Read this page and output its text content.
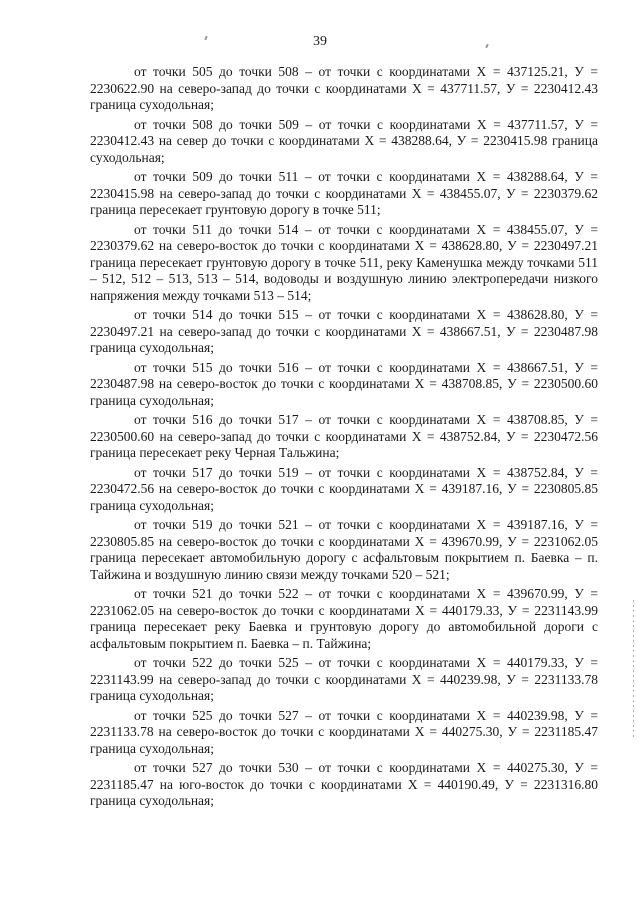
39

от точки 505 до точки 508 – от точки с координатами Х = 437125.21, У = 2230622.90 на северо-запад до точки с координатами Х = 437711.57, У = 2230412.43 граница суходольная;

от точки 508 до точки 509 – от точки с координатами Х = 437711.57, У = 2230412.43 на север до точки с координатами Х = 438288.64, У = 2230415.98 граница суходольная;

от точки 509 до точки 511 – от точки с координатами Х = 438288.64, У = 2230415.98 на северо-запад до точки с координатами Х = 438455.07, У = 2230379.62 граница пересекает грунтовую дорогу в точке 511;

от точки 511 до точки 514 – от точки с координатами Х = 438455.07, У = 2230379.62 на северо-восток до точки с координатами Х = 438628.80, У = 2230497.21 граница пересекает грунтовую дорогу в точке 511, реку Каменушка между точками 511 – 512, 512 – 513, 513 – 514, водоводы и воздушную линию электропередачи низкого напряжения между точками 513 – 514;

от точки 514 до точки 515 – от точки с координатами Х = 438628.80, У = 2230497.21 на северо-запад до точки с координатами Х = 438667.51, У = 2230487.98 граница суходольная;

от точки 515 до точки 516 – от точки с координатами Х = 438667.51, У = 2230487.98 на северо-восток до точки с координатами Х = 438708.85, У = 2230500.60 граница суходольная;

от точки 516 до точки 517 – от точки с координатами Х = 438708.85, У = 2230500.60 на северо-запад до точки с координатами Х = 438752.84, У = 2230472.56 граница пересекает реку Черная Тальжина;

от точки 517 до точки 519 – от точки с координатами Х = 438752.84, У = 2230472.56 на северо-восток до точки с координатами Х = 439187.16, У = 2230805.85 граница суходольная;

от точки 519 до точки 521 – от точки с координатами Х = 439187.16, У = 2230805.85 на северо-восток до точки с координатами Х = 439670.99, У = 2231062.05 граница пересекает автомобильную дорогу с асфальтовым покрытием п. Баевка – п. Тайжина и воздушную линию связи между точками 520 – 521;

от точки 521 до точки 522 – от точки с координатами Х = 439670.99, У = 2231062.05 на северо-восток до точки с координатами Х = 440179.33, У = 2231143.99 граница пересекает реку Баевка и грунтовую дорогу до автомобильной дороги с асфальтовым покрытием п. Баевка – п. Тайжина;

от точки 522 до точки 525 – от точки с координатами Х = 440179.33, У = 2231143.99 на северо-запад до точки с координатами Х = 440239.98, У = 2231133.78 граница суходольная;

от точки 525 до точки 527 – от точки с координатами Х = 440239.98, У = 2231133.78 на северо-восток до точки с координатами Х = 440275.30, У = 2231185.47 граница суходольная;

от точки 527 до точки 530 – от точки с координатами Х = 440275.30, У = 2231185.47 на юго-восток до точки с координатами Х = 440190.49, У = 2231316.80 граница суходольная;
